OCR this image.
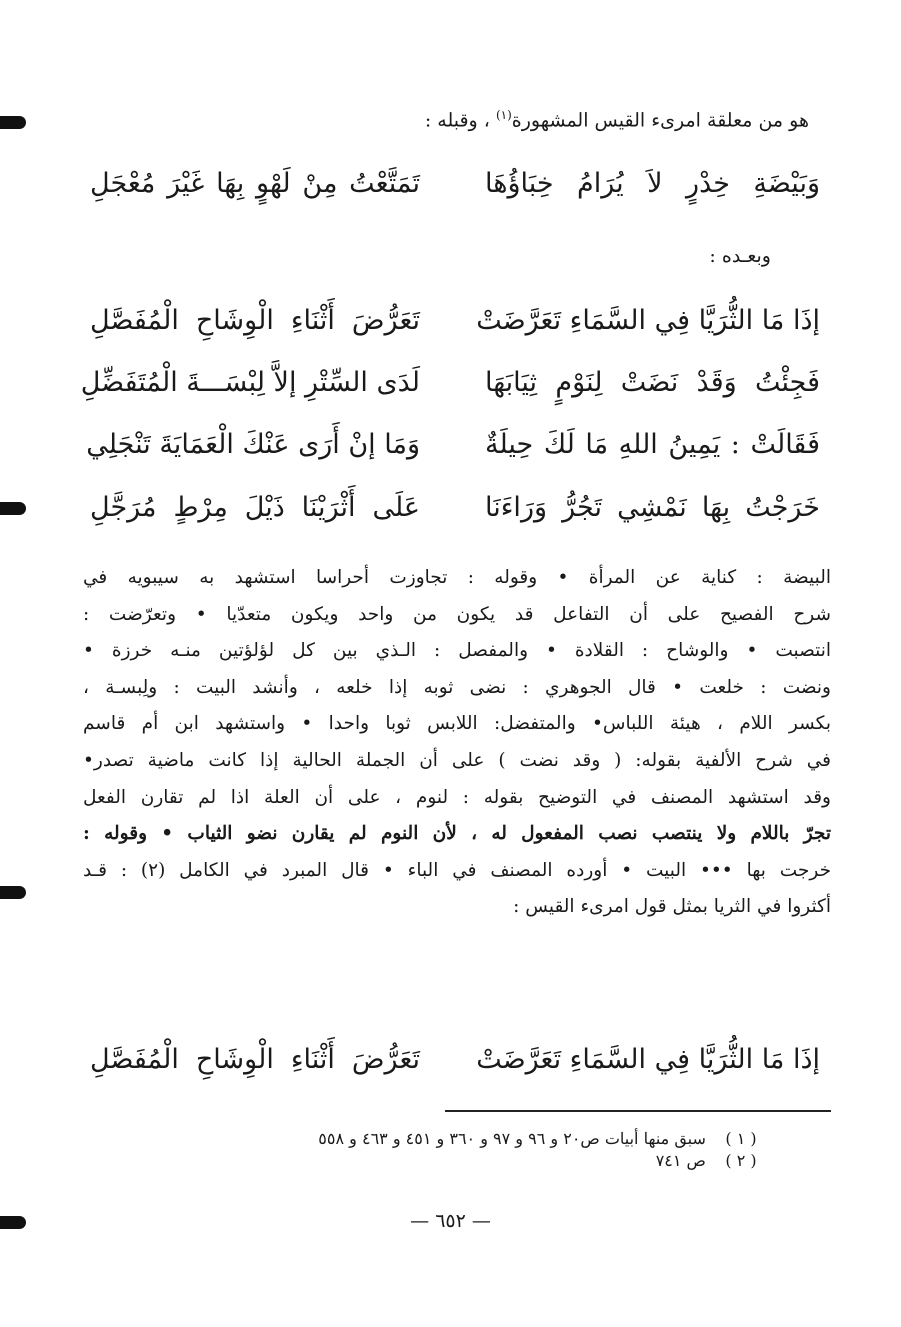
هو من معلقة امرىء القيس المشهورة$^{(١)}$ ، وقبله :
وَبَيْضَةِ خِدْرٍ لاَ يُرَامُ خِبَاؤُهَا
تَمَتَّعْتُ مِنْ لَهْوٍ بِهَا غَيْرَ مُعْجَلِ
وبعـده :
إذَا مَا الثُّرَيَّا فِي السَّمَاءِ تَعَرَّضَتْ
تَعَرُّضَ أَثْنَاءِ الْوِشَاحِ الْمُفَصَّلِ
فَجِئْتُ وَقَدْ نَضَتْ لِنَوْمٍ ثِيَابَهَا
لَدَى السِّتْرِ إلاَّ لِبْسَـــةَ الْمُتَفَضِّلِ
فَقَالَتْ : يَمِينُ اللهِ مَا لَكَ حِيلَةٌ
وَمَا إنْ أَرَى عَنْكَ الْعَمَايَةَ تَنْجَلِي
خَرَجْتُ بِهَا نَمْشِي تَجُرُّ وَرَاءَنَا
عَلَى أَثْرَيْنَا ذَيْلَ مِرْطٍ مُرَجَّلِ
البيضة : كناية عن المرأة • وقوله : تجاوزت أحراسا استشهد به سيبويه في
شرح الفصيح على أن التفاعل قد يكون من واحد ويكون متعدّيا • وتعرّضت :
انتصبت • والوشاح : القلادة • والمفصل : الـذي بين كل لؤلؤتين منـه خرزة •
ونضت : خلعت • قال الجوهري : نضى ثوبه إذا خلعه ، وأنشد البيت : ولِبسـة ،
بكسر اللام ، هيئة اللباس• والمتفضل: اللابس ثوبا واحدا • واستشهد ابن أم قاسم
في شرح الألفية بقوله: ( وقد نضت ) على أن الجملة الحالية إذا كانت ماضية تصدر•
وقد استشهد المصنف في التوضيح بقوله : لنوم ، على أن العلة اذا لم تقارن الفعل
تجرّ باللام ولا ينتصب نصب المفعول له ، لأن النوم لم يقارن نضو الثياب • وقوله :
خرجت بها ••• البيت • أورده المصنف في الباء • قال المبرد في الكامل (٢) : قـد
أكثروا في الثريا بمثل قول امرىء القيس :
إذَا مَا الثُّرَيَّا فِي السَّمَاءِ تَعَرَّضَتْ
تَعَرُّضَ أَثْنَاءِ الْوِشَاحِ الْمُفَصَّلِ
( ١ ) سبق منها أبيات ص٢٠ و ٩٦ و ٩٧ و ٣٦٠ و ٤٥١ و ٤٦٣ و ٥٥٨
( ٢ ) ص ٧٤١
— ٦٥٢ —
